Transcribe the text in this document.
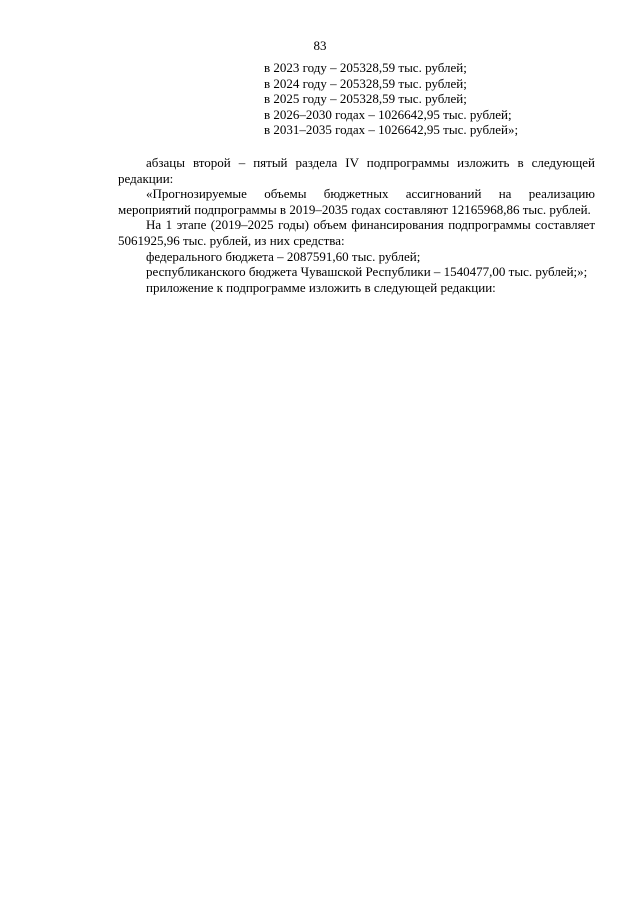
83
в 2023 году – 205328,59 тыс. рублей;
в 2024 году – 205328,59 тыс. рублей;
в 2025 году – 205328,59 тыс. рублей;
в 2026–2030 годах – 1026642,95 тыс. рублей;
в 2031–2035 годах – 1026642,95 тыс. рублей»;

абзацы второй – пятый раздела IV подпрограммы изложить в следующей редакции:

«Прогнозируемые объемы бюджетных ассигнований на реализацию мероприятий подпрограммы в 2019–2035 годах составляют 12165968,86 тыс. рублей.

На 1 этапе (2019–2025 годы) объем финансирования подпрограммы составляет 5061925,96 тыс. рублей, из них средства:

федерального бюджета – 2087591,60 тыс. рублей;

республиканского бюджета Чувашской Республики – 1540477,00 тыс. рублей;»;

приложение к подпрограмме изложить в следующей редакции:
